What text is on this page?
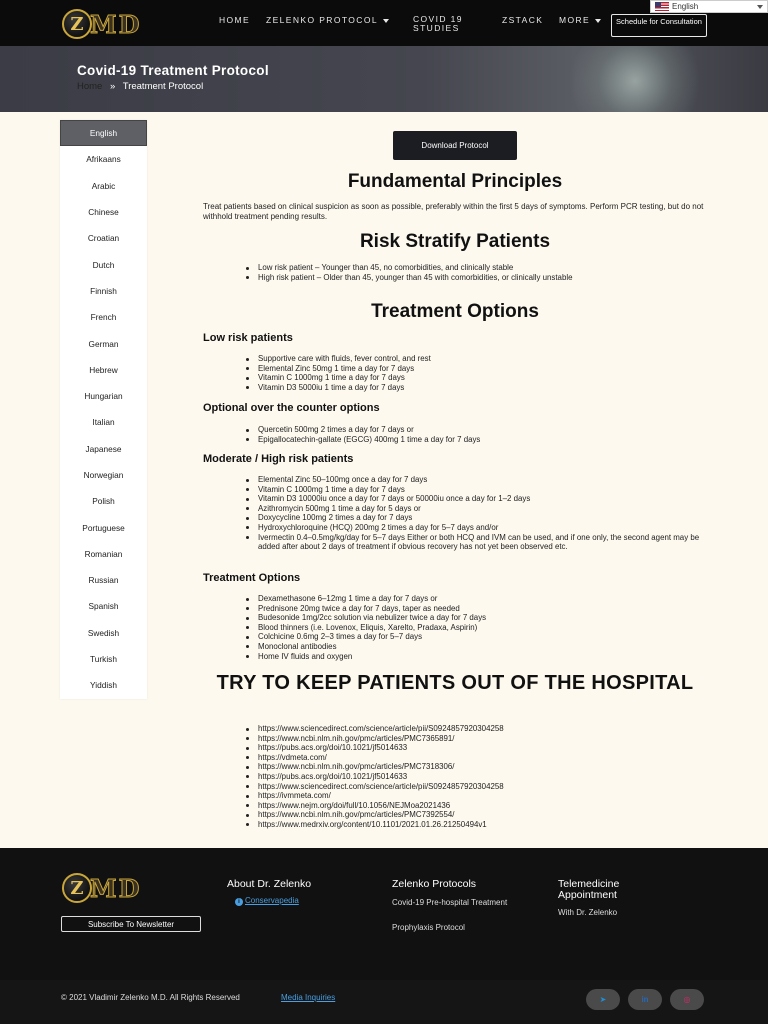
Z MD	HOME ZELENKO PROTOCOL	COVID 19
STUDIES
ZSTACK MORE	Schedule for Consultation
English
Covid-19 Treatment Protocol
Home » Treatment Protocol
English
Afrikaans
Arabic
Chinese
Croatian
Dutch
Finnish
French
German
Hebrew
Hungarian
Italian
Japanese
Norwegian
Polish
Portuguese
Romanian
Russian
Spanish
Swedish
Turkish
Yiddish
Download Protocol
Fundamental Principles
Treat patients based on clinical suspicion as soon as possible, preferably within the first 5 days of symptoms. Perform PCR testing, but do not withhold treatment pending results.
Risk Stratify Patients
Low risk patient – Younger than 45, no comorbidities, and clinically stable
High risk patient – Older than 45, younger than 45 with comorbidities, or clinically unstable
Treatment Options
Low risk patients
Supportive care with fluids, fever control, and rest
Elemental Zinc 50mg 1 time a day for 7 days
Vitamin C 1000mg 1 time a day for 7 days
Vitamin D3 5000iu 1 time a day for 7 days
Optional over the counter options
Quercetin 500mg 2 times a day for 7 days or
Epigallocatechin-gallate (EGCG) 400mg 1 time a day for 7 days
Moderate / High risk patients
Elemental Zinc 50–100mg once a day for 7 days
Vitamin C 1000mg 1 time a day for 7 days
Vitamin D3 10000iu once a day for 7 days or 50000iu once a day for 1–2 days
Azithromycin 500mg 1 time a day for 5 days or
Doxycycline 100mg 2 times a day for 7 days
Hydroxychloroquine (HCQ) 200mg 2 times a day for 5–7 days and/or
Ivermectin 0.4–0.5mg/kg/day for 5–7 days Either or both HCQ and IVM can be used, and if one only, the second agent may be added after about 2 days of treatment if obvious recovery has not yet been observed etc.
Treatment Options
Dexamethasone 6–12mg 1 time a day for 7 days or
Prednisone 20mg twice a day for 7 days, taper as needed
Budesonide 1mg/2cc solution via nebulizer twice a day for 7 days
Blood thinners (i.e. Lovenox, Eliquis, Xarelto, Pradaxa, Aspirin)
Colchicine 0.6mg 2–3 times a day for 5–7 days
Monoclonal antibodies
Home IV fluids and oxygen
TRY TO KEEP PATIENTS OUT OF THE HOSPITAL
https://www.sciencedirect.com/science/article/pii/S0924857920304258
https://www.ncbi.nlm.nih.gov/pmc/articles/PMC7365891/
https://pubs.acs.org/doi/10.1021/jf5014633
https://vdmeta.com/
https://www.ncbi.nlm.nih.gov/pmc/articles/PMC7318306/
https://pubs.acs.org/doi/10.1021/jf5014633
https://www.sciencedirect.com/science/article/pii/S0924857920304258
https://ivmmeta.com/
https://www.nejm.org/doi/full/10.1056/NEJMoa2021436
https://www.ncbi.nlm.nih.gov/pmc/articles/PMC7392554/
https://www.medrxiv.org/content/10.1101/2021.01.26.21250494v1
Z MD
Subscribe To Newsletter
About Dr. Zelenko
i Conservapedia
Zelenko Protocols
Covid-19 Pre-hospital Treatment
Prophylaxis Protocol
Telemedicine Appointment
With Dr. Zelenko
© 2021 Vladimir Zelenko M.D. All Rights Reserved	Media Inquiries	➤	in	◎
